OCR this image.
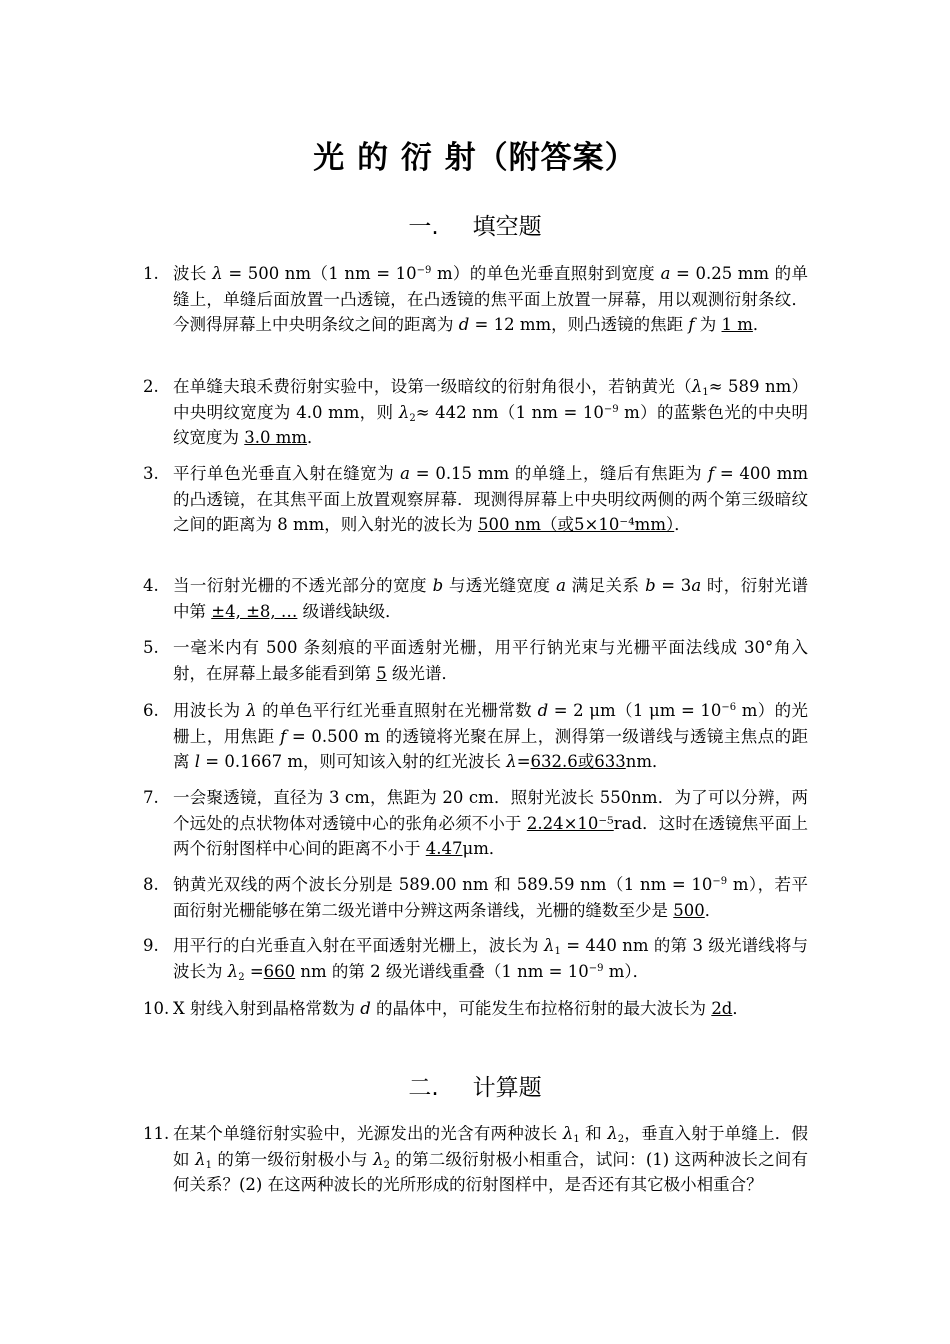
光 的 衍 射（附答案）
一. 填空题
1. 波长 λ = 500 nm（1 nm = $10^{-9}$ m）的单色光垂直照射到宽度 a = 0.25 mm 的单缝上，单缝后面放置一凸透镜，在凸透镜的焦平面上放置一屏幕，用以观测衍射条纹．今测得屏幕上中央明条纹之间的距离为 d = 12 mm，则凸透镜的焦距 f 为 1 m．
2. 在单缝夫琅禾费衍射实验中，设第一级暗纹的衍射角很小，若钠黄光（$\lambda_1\approx 589$ nm）中央明纹宽度为 4.0 mm，则 $\lambda_2\approx 442$ nm（1 nm = $10^{-9}$ m）的蓝紫色光的中央明纹宽度为 3.0 mm．
3. 平行单色光垂直入射在缝宽为 a = 0.15 mm 的单缝上，缝后有焦距为 f = 400 mm 的凸透镜，在其焦平面上放置观察屏幕．现测得屏幕上中央明纹两侧的两个第三级暗纹之间的距离为 8 mm，则入射光的波长为 500 nm（或5×10⁻⁴mm）．
4. 当一衍射光栅的不透光部分的宽度 b 与透光缝宽度 a 满足关系 b = 3a 时，衍射光谱中第 ±4, ±8, … 级谱线缺级．
5. 一毫米内有 500 条刻痕的平面透射光栅，用平行钠光束与光栅平面法线成 30°角入射，在屏幕上最多能看到第 5 级光谱．
6. 用波长为 λ 的单色平行红光垂直照射在光栅常数 d = 2 μm（1 $\mu m = 10^{-6}$ m）的光栅上，用焦距 f = 0.500 m 的透镜将光聚在屏上，测得第一级谱线与透镜主焦点的距离 l = 0.1667 m，则可知该入射的红光波长 λ=632.6或633nm．
7. 一会聚透镜，直径为 3 cm，焦距为 20 cm．照射光波长 550nm．为了可以分辨，两个远处的点状物体对透镜中心的张角必须不小于 2.24×10⁻⁵rad．这时在透镜焦平面上两个衍射图样中心间的距离不小于 4.47μm．
8. 钠黄光双线的两个波长分别是 589.00 nm 和 589.59 nm（1 nm = $10^{-9}$ m），若平面衍射光栅能够在第二级光谱中分辨这两条谱线，光栅的缝数至少是 500．
9. 用平行的白光垂直入射在平面透射光栅上，波长为 $\lambda_1 = 440$ nm 的第 3 级光谱线将与波长为 $\lambda_2 =660$ nm 的第 2 级光谱线重叠（1 nm = $10^{-9}$ m）．
10. X 射线入射到晶格常数为 d 的晶体中，可能发生布拉格衍射的最大波长为 2d．
二. 计算题
11. 在某个单缝衍射实验中，光源发出的光含有两种波长 $\lambda_1$ 和 $\lambda_2$，垂直入射于单缝上．假如 $\lambda_1$ 的第一级衍射极小与 $\lambda_2$ 的第二级衍射极小相重合，试问：(1) 这两种波长之间有何关系？(2) 在这两种波长的光所形成的衍射图样中，是否还有其它极小相重合？
